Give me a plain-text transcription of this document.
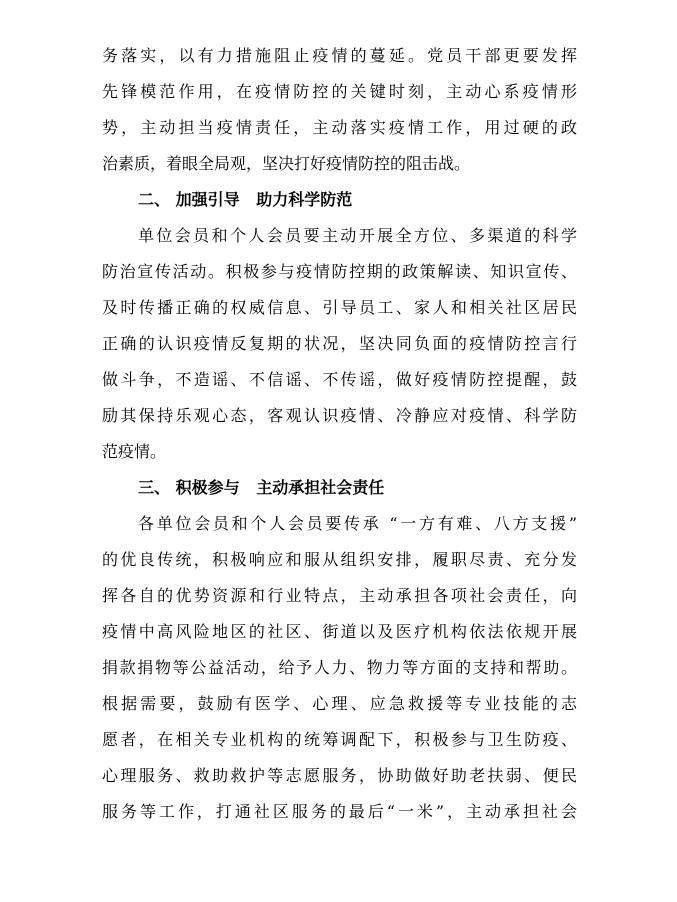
务落实，以有力措施阻止疫情的蔓延。党员干部更要发挥
先锋模范作用，在疫情防控的关键时刻，主动心系疫情形
势，主动担当疫情责任，主动落实疫情工作，用过硬的政
治素质，着眼全局观，坚决打好疫情防控的阻击战。
二、 加强引导   助力科学防范
单位会员和个人会员要主动开展全方位、多渠道的科学
防治宣传活动。积极参与疫情防控期的政策解读、知识宣传、
及时传播正确的权威信息、引导员工、家人和相关社区居民
正确的认识疫情反复期的状况，坚决同负面的疫情防控言行
做斗争，不造谣、不信谣、不传谣，做好疫情防控提醒，鼓
励其保持乐观心态，客观认识疫情、冷静应对疫情、科学防
范疫情。
三、 积极参与   主动承担社会责任
各单位会员和个人会员要传承 “一方有难、八方支援”
的优良传统，积极响应和服从组织安排，履职尽责、充分发
挥各自的优势资源和行业特点，主动承担各项社会责任，向
疫情中高风险地区的社区、街道以及医疗机构依法依规开展
捐款捐物等公益活动，给予人力、物力等方面的支持和帮助。
根据需要，鼓励有医学、心理、应急救援等专业技能的志
愿者，在相关专业机构的统筹调配下，积极参与卫生防疫、
心理服务、救助救护等志愿服务，协助做好助老扶弱、便民
服务等工作，打通社区服务的最后“一米”，主动承担社会
